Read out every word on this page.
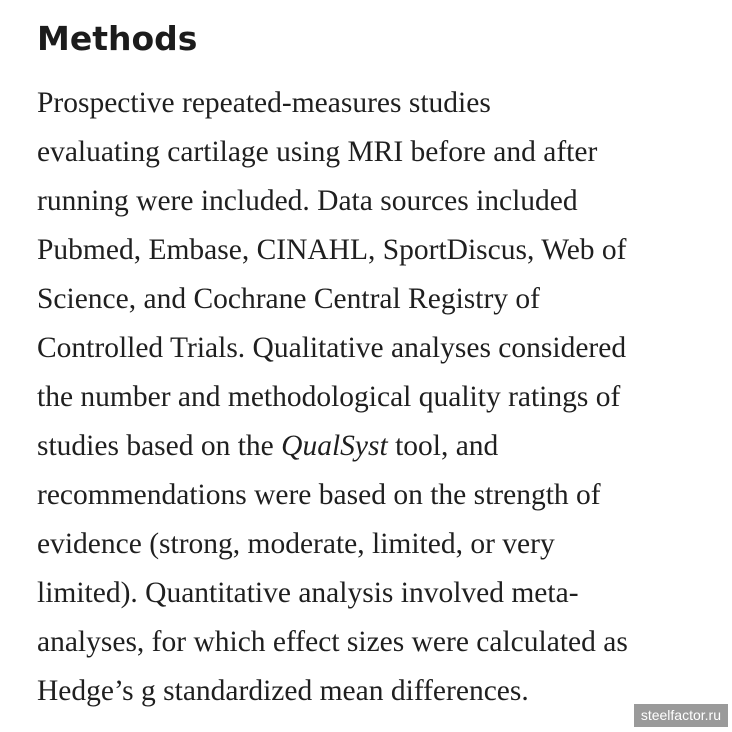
Methods
Prospective repeated-measures studies
evaluating cartilage using MRI before and after
running were included. Data sources included
Pubmed, Embase, CINAHL, SportDiscus, Web of
Science, and Cochrane Central Registry of
Controlled Trials. Qualitative analyses considered
the number and methodological quality ratings of
studies based on the QualSyst tool, and
recommendations were based on the strength of
evidence (strong, moderate, limited, or very
limited). Quantitative analysis involved meta-
analyses, for which effect sizes were calculated as
Hedge’s g standardized mean differences.
steelfactor.ru
